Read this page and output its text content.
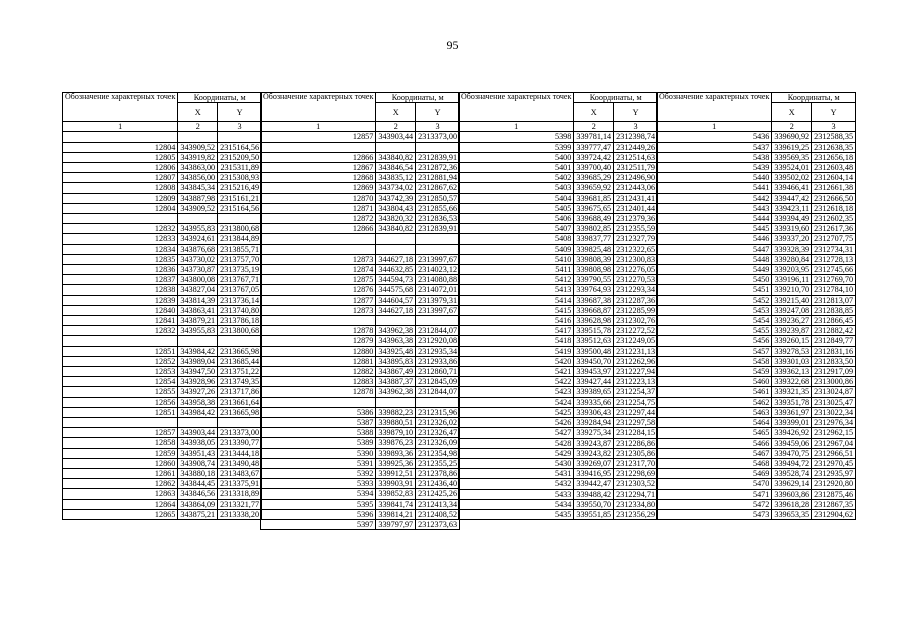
95
Обозначение характерных точек	Координаты, м	
	X	Y
1	2	3

12804	343909,52	2315164,56
12805	343919,82	2315209,50
12806	343863,00	2315311,89
12807	343856,00	2315308,93
12808	343845,34	2315216,49
12809	343887,98	2315161,21
12804	343909,52	2315164,56

12832	343955,83	2313800,68
12833	343924,61	2313844,89
12834	343876,68	2313855,71
12835	343730,02	2313757,70
12836	343730,87	2313735,19
12837	343800,08	2313767,71
12838	343827,04	2313767,05
12839	343814,39	2313736,14
12840	343863,41	2313740,80
12841	343879,21	2313786,18
12832	343955,83	2313800,68

12851	343984,42	2313665,98
12852	343989,04	2313685,44
12853	343947,50	2313751,22
12854	343928,96	2313749,35
12855	343927,26	2313717,86
12856	343958,38	2313661,64
12851	343984,42	2313665,98

12857	343903,44	2313373,00
12858	343938,05	2313390,77
12859	343951,43	2313444,18
12860	343908,74	2313490,48
12861	343880,18	2313483,67
12862	343844,45	2313375,91
12863	343846,56	2313318,89
12864	343864,09	2313321,77
12865	343875,21	2313338,20
Обозначение характерных точек	Координаты, м	
	X	Y
1	2	3
12857	343903,44	2313373,00

12866	343840,82	2312839,91
12867	343846,54	2312872,36
12868	343835,12	2312881,94
12869	343734,02	2312867,62
12870	343742,39	2312850,57
12871	343804,43	2312855,66
12872	343820,32	2312836,53
12866	343840,82	2312839,91

12873	344627,18	2313997,67
12874	344632,85	2314023,12
12875	344594,73	2314080,88
12876	344575,68	2314072,01
12877	344604,57	2313979,31
12873	344627,18	2313997,67

12878	343962,38	2312844,07
12879	343963,38	2312920,08
12880	343925,48	2312935,34
12881	343895,83	2312933,86
12882	343867,49	2312860,71
12883	343887,37	2312845,09
12878	343962,38	2312844,07

5386	339882,23	2312315,96
5387	339880,51	2312326,02
5388	339879,10	2312326,47
5389	339876,23	2312326,09
5390	339893,36	2312354,98
5391	339925,36	2312355,25
5392	339912,51	2312378,86
5393	339903,91	2312436,40
5394	339852,83	2312425,26
5395	339841,74	2312413,34
5396	339814,21	2312408,52
5397	339797,97	2312373,63
Обозначение характерных точек	Координаты, м	
	X	Y
1	2	3
5398	339781,14	2312398,74
5399	339777,47	2312449,26
5400	339724,42	2312514,63
5401	339700,40	2312511,79
5402	339685,29	2312496,90
5403	339659,92	2312443,06
5404	339681,85	2312431,41
5405	339675,65	2312401,44
5406	339688,49	2312379,36
5407	339802,85	2312355,59
5408	339837,77	2312327,79
5409	339825,48	2312322,65
5410	339808,39	2312300,83
5411	339808,98	2312276,05
5412	339790,55	2312270,53
5413	339764,93	2312293,34
5414	339687,38	2312287,36
5415	339668,87	2312285,99
5416	339628,98	2312302,76
5417	339515,78	2312272,52
5418	339512,63	2312249,05
5419	339500,48	2312231,13
5420	339450,70	2312262,96
5421	339453,97	2312227,94
5422	339427,44	2312223,13
5423	339389,65	2312254,37
5424	339335,66	2312254,75
5425	339306,43	2312297,44
5426	339284,94	2312297,58
5427	339275,34	2312284,15
5428	339243,87	2312286,86
5429	339243,82	2312305,86
5430	339269,07	2312317,70
5431	339416,95	2312298,69
5432	339442,47	2312303,52
5433	339488,42	2312294,71
5434	339550,70	2312334,80
5435	339551,85	2312356,29
Обозначение характерных точек	Координаты, м	
	X	Y
1	2	3
5436	339690,92	2312588,35
5437	339619,25	2312638,35
5438	339569,35	2312656,18
5439	339524,01	2312603,48
5440	339502,02	2312604,14
5441	339466,41	2312661,38
5442	339447,42	2312666,50
5443	339423,11	2312618,18
5444	339394,49	2312602,35
5445	339319,60	2312617,36
5446	339337,20	2312707,75
5447	339328,39	2312734,31
5448	339280,84	2312728,13
5449	339203,95	2312745,66
5450	339196,11	2312769,70
5451	339210,70	2312784,10
5452	339215,40	2312813,07
5453	339247,08	2312838,85
5454	339236,27	2312866,45
5455	339239,87	2312882,42
5456	339260,15	2312849,77
5457	339278,53	2312831,16
5458	339301,03	2312833,50
5459	339362,13	2312917,09
5460	339322,68	2313000,86
5461	339321,35	2313024,87
5462	339351,78	2313025,47
5463	339361,97	2313022,34
5464	339399,01	2312976,34
5465	339426,92	2312962,15
5466	339459,06	2312967,04
5467	339470,75	2312966,51
5468	339494,72	2312970,45
5469	339528,74	2312935,97
5470	339629,14	2312920,80
5471	339603,86	2312875,46
5472	339618,28	2312867,35
5473	339653,35	2312904,62
